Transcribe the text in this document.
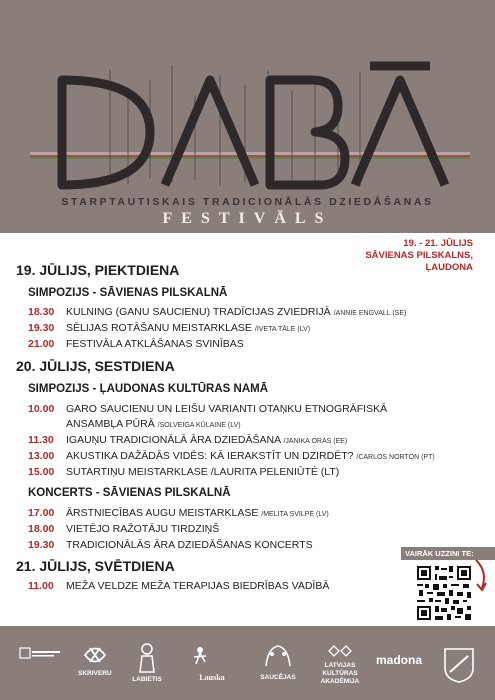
STARPTAUTISKAIS TRADICIONĀLĀS DZIEDĀŠANAS
FESTIVĀLS
19. - 21. JŪLIJS
SĀVIENAS PILSKALNS,
ĻAUDONA
19. JŪLIJS, PIEKTDIENA
SIMPOZIJS - SĀVIENAS PILSKALNĀ
18.30 KULNING (GANU SAUCIENU) TRADĪCIJAS ZVIEDRIJĀ /ANNIE ENGVALL (SE)
19.30 SĒLIJAS ROTĀŠANU MEISTARKLASE /IVETA TĀLE (LV)
21.00 FESTIVĀLA ATKLĀŠANAS SVINĪBAS
20. JŪLIJS, SESTDIENA
SIMPOZIJS - ĻAUDONAS KULTŪRAS NAMĀ
10.00 GARO SAUCIENU UN LEIŠU VARIANTI OTAŅKU ETNOGRĀFISKĀ
ANSAMBĻA PŪRĀ /SOLVEIGA KŪLAINE (LV)
11.30 IGAUŅU TRADICIONĀLĀ ĀRA DZIEDĀŠANA /JANIKA ORAS (EE)
13.00 AKUSTIKA DAŽĀDĀS VIDĒS: KĀ IERAKSTĪT UN DZIRDĒT? /CARLOS NORTON (PT)
15.00 SUTARTIŅU MEISTARKLASE /LAURITA PELENIŪTĖ (LT)
KONCERTS - SĀVIENAS PILSKALNĀ
17.00 ĀRSTNIECĪBAS AUGU MEISTARKLASE /MELITA SVILPE (LV)
18.00 VIETĒJO RAŽOTĀJU TIRDZIŅŠ
19.30 TRADICIONĀLĀS ĀRA DZIEDĀŠANAS KONCERTS
21. JŪLIJS, SVĒTDIENA
11.00 MEŽA VELDZE MEŽA TERAPIJAS BIEDRĪBAS VADĪBĀ
VAIRĀK UZZINI TE:
SKRIVERU
LABIETIS	Lauska	SAUCĒJAS
LATVIJAS KULTŪRAS AKADĒMIJA
madona
